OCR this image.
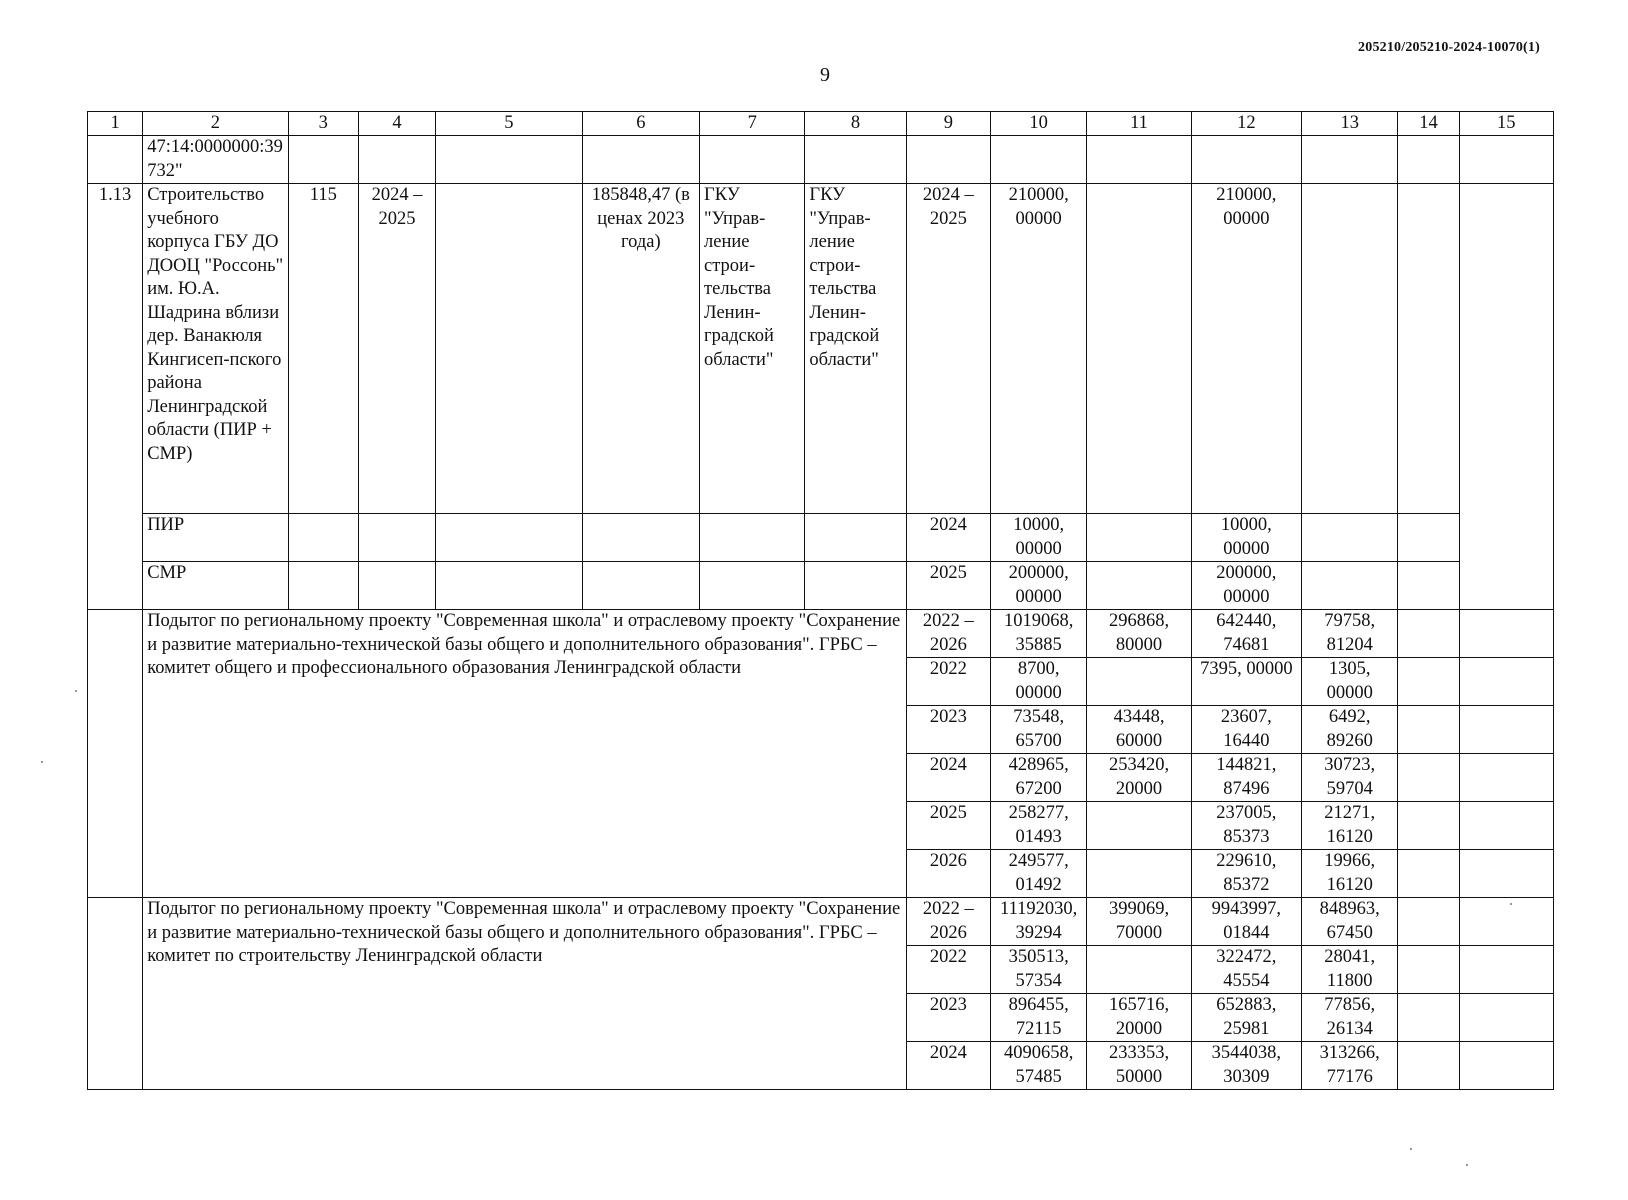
205210/205210-2024-10070(1)
9
1	2	3	4	5	6	7	8	9	10	11	12	13	14	15
	47:14:0000000:39732"													
1.13	Строительство учебного корпуса ГБУ ДО ДООЦ "Россонь" им. Ю.А. Шадрина вблизи дер. Ванакюля Кингисеп-пского района Ленинградской области (ПИР + СМР)	115	2024 – 2025		185848,47 (в ценах 2023 года)	ГКУ "Управ-ление строи-тельства Ленин-градской области"	ГКУ "Управ-ление строи-тельства Ленин-градской области"	2024 – 2025	210000, 00000		210000, 00000			
	ПИР							2024	10000, 00000		10000, 00000			
	СМР							2025	200000, 00000		200000, 00000			
	Подытог по региональному проекту "Современная школа" и отраслевому проекту "Сохранение и развитие материально-технической базы общего и дополнительного образования". ГРБС – комитет общего и профессионального образования Ленинградской области							2022 – 2026	1019068, 35885	296868, 80000	642440, 74681	79758, 81204		
								2022	8700, 00000		7395, 00000	1305, 00000		
								2023	73548, 65700	43448, 60000	23607, 16440	6492, 89260		
								2024	428965, 67200	253420, 20000	144821, 87496	30723, 59704		
								2025	258277, 01493		237005, 85373	21271, 16120		
								2026	249577, 01492		229610, 85372	19966, 16120		
	Подытог по региональному проекту "Современная школа" и отраслевому проекту "Сохранение и развитие материально-технической базы общего и дополнительного образования". ГРБС – комитет по строительству Ленинградской области							2022 – 2026	11192030, 39294	399069, 70000	9943997, 01844	848963, 67450		
								2022	350513, 57354		322472, 45554	28041, 11800		
								2023	896455, 72115	165716, 20000	652883, 25981	77856, 26134		
								2024	4090658, 57485	233353, 50000	3544038, 30309	313266, 77176		
